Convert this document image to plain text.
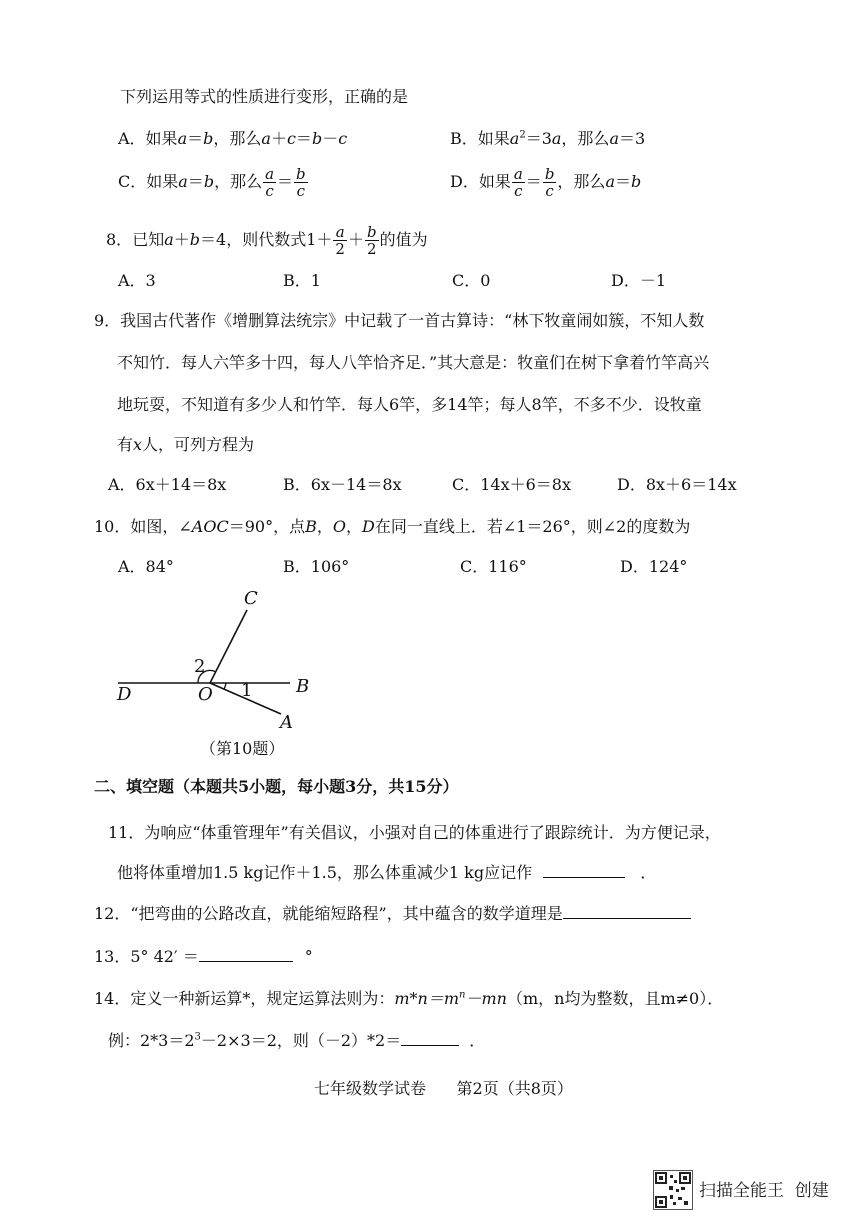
下列运用等式的性质进行变形，正确的是
A．如果a＝b，那么a＋c＝b－c	B．如果$a^2=3a$，那么a＝3
C．如果a＝b，那么 $\frac{a}{c} = \frac{b}{c}$	D．如果 $\frac{a}{c} = \frac{b}{c}$ ，那么a＝b
8．已知a＋b＝4，则代数式$1+ \frac{a}{2} + \frac{b}{2}$ 的值为
A．3	B．1	C．0	D．－1
9．我国古代著作《增删算法统宗》中记载了一首古算诗：“林下牧童闹如簇，不知人数
不知竹．每人六竿多十四，每人八竿恰齐足．”其大意是：牧童们在树下拿着竹竿高兴
地玩耍，不知道有多少人和竹竿．每人6竿，多14竿；每人8竿，不多不少．设牧童
有x人，可列方程为
A．6x＋14＝8x	B．6x－14＝8x	C．14x＋6＝8x	D．8x＋6＝14x
10．如图，∠AOC＝90°，点B，O，D在同一直线上．若∠1＝26°，则∠2的度数为
A．84°	B．106°	C．116°	D．124°
C
2
D	O 1 B
A
（第10题）
二、填空题（本题共5小题，每小题3分，共15分）
11．为响应“体重管理年”有关倡议，小强对自己的体重进行了跟踪统计．为方便记录，
他将体重增加1.5 kg记作＋1.5，那么体重减少1 kg应记作	．
12．“把弯曲的公路改直，就能缩短路程”，其中蕴含的数学道理是
13．5° 42′ ＝	°
14．定义一种新运算*，规定运算法则为：$m*n=m^n-mn(m$，n均为整数，且m≠0）．
例：$2*3=2^3-2\times 3=2$，则（－2）*2＝	．
七年级数学试卷      第2页（共8页）
扫描全能王  创建
